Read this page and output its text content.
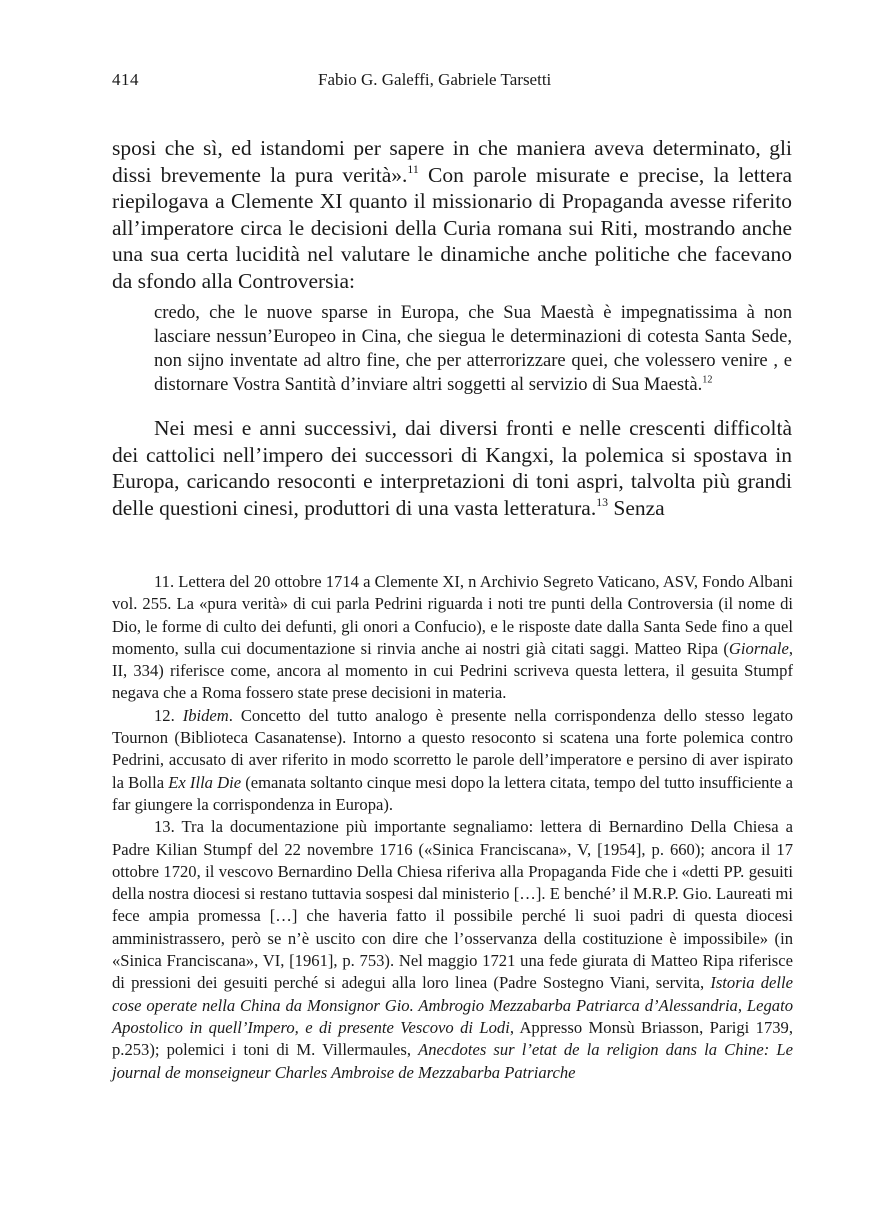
414	Fabio G. Galeffi, Gabriele Tarsetti

sposi che sì, ed istandomi per sapere in che maniera aveva determinato, gli dissi brevemente la pura verità».$^{11}$ Con parole misurate e precise, la lettera riepilogava a Clemente XI quanto il missionario di Propaganda avesse riferito all’imperatore circa le decisioni della Curia romana sui Riti, mostrando anche una sua certa lucidità nel valutare le dinamiche anche politiche che facevano da sfondo alla Controversia:

credo, che le nuove sparse in Europa, che Sua Maestà è impegnatissima à non lasciare nessun’Europeo in Cina, che siegua le determinazioni di cotesta Santa Sede, non sijno inventate ad altro fine, che per atterrorizzare quei, che volessero venire , e distornare Vostra Santità d’inviare altri soggetti al servizio di Sua Maestà.$^{12}$

Nei mesi e anni successivi, dai diversi fronti e nelle crescenti difficoltà dei cattolici nell’impero dei successori di Kangxi, la polemica si spostava in Europa, caricando resoconti e interpretazioni di toni aspri, talvolta più grandi delle questioni cinesi, produttori di una vasta letteratura.$^{13}$ Senza

11. Lettera del 20 ottobre 1714 a Clemente XI, n Archivio Segreto Vaticano, ASV, Fondo Albani vol. 255. La «pura verità» di cui parla Pedrini riguarda i noti tre punti della Controversia (il nome di Dio, le forme di culto dei defunti, gli onori a Confucio), e le risposte date dalla Santa Sede fino a quel momento, sulla cui documentazione si rinvia anche ai nostri già citati saggi. Matteo Ripa (Giornale, II, 334) riferisce come, ancora al momento in cui Pedrini scriveva questa lettera, il gesuita Stumpf negava che a Roma fossero state prese decisioni in materia.

12. Ibidem. Concetto del tutto analogo è presente nella corrispondenza dello stesso legato Tournon (Biblioteca Casanatense). Intorno a questo resoconto si scatena una forte polemica contro Pedrini, accusato di aver riferito in modo scorretto le parole dell’imperatore e persino di aver ispirato la Bolla Ex Illa Die (emanata soltanto cinque mesi dopo la lettera citata, tempo del tutto insufficiente a far giungere la corrispondenza in Europa).

13. Tra la documentazione più importante segnaliamo: lettera di Bernardino Della Chiesa a Padre Kilian Stumpf del 22 novembre 1716 («Sinica Franciscana», V, [1954], p. 660); ancora il 17 ottobre 1720, il vescovo Bernardino Della Chiesa riferiva alla Propaganda Fide che i «detti PP. gesuiti della nostra diocesi si restano tuttavia sospesi dal ministerio […]. E benché’ il M.R.P. Gio. Laureati mi fece ampia promessa […] che haveria fatto il possibile perché li suoi padri di questa diocesi amministrassero, però se n’è uscito con dire che l’osservanza della costituzione è impossibile» (in «Sinica Franciscana», VI, [1961], p. 753). Nel maggio 1721 una fede giurata di Matteo Ripa riferisce di pressioni dei gesuiti perché si adegui alla loro linea (Padre Sostegno Viani, servita, Istoria delle cose operate nella China da Monsignor Gio. Ambrogio Mezzabarba Patriarca d’Alessandria, Legato Apostolico in quell’Impero, e di presente Vescovo di Lodi, Appresso Monsù Briasson, Parigi 1739, p.253); polemici i toni di M. Villermaules, Anecdotes sur l’etat de la religion dans la Chine: Le journal de monseigneur Charles Ambroise de Mezzabarba Patriarche
